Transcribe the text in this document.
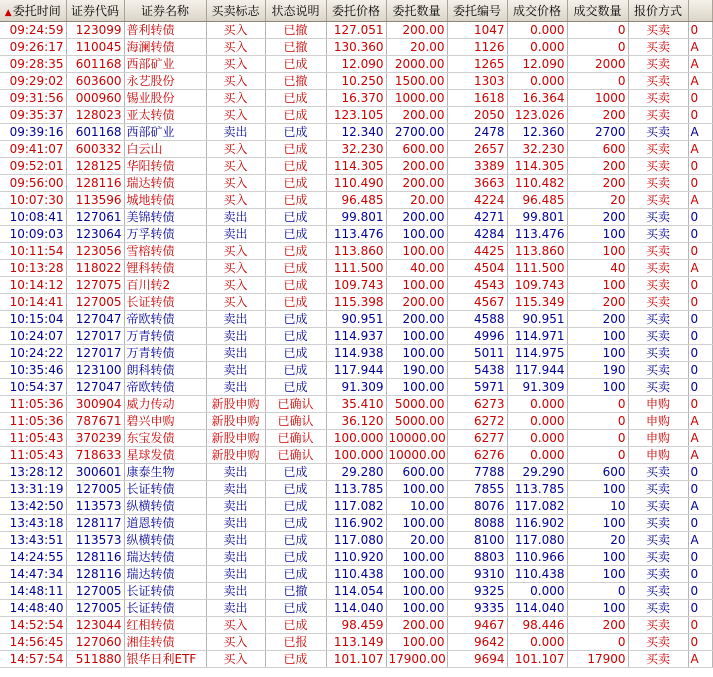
▲委托时间	证券代码	证券名称	买卖标志	状态说明	委托价格	委托数量	委托编号	成交价格	成交数量	报价方式	
09:24:59	123099	普利转债	买入	已撤	127.051	200.00	1047	0.000	0	买卖	0
09:26:17	110045	海澜转债	买入	已撤	130.360	20.00	1126	0.000	0	买卖	A
09:28:35	601168	西部矿业	买入	已成	12.090	2000.00	1265	12.090	2000	买卖	A
09:29:02	603600	永艺股份	买入	已撤	10.250	1500.00	1303	0.000	0	买卖	A
09:31:56	000960	锡业股份	买入	已成	16.370	1000.00	1618	16.364	1000	买卖	0
09:35:37	128023	亚太转债	买入	已成	123.105	200.00	2050	123.026	200	买卖	0
09:39:16	601168	西部矿业	卖出	已成	12.340	2700.00	2478	12.360	2700	买卖	A
09:41:07	600332	白云山	买入	已成	32.230	600.00	2657	32.230	600	买卖	A
09:52:01	128125	华阳转债	买入	已成	114.305	200.00	3389	114.305	200	买卖	0
09:56:00	128116	瑞达转债	买入	已成	110.490	200.00	3663	110.482	200	买卖	0
10:07:30	113596	城地转债	买入	已成	96.485	20.00	4224	96.485	20	买卖	A
10:08:41	127061	美锦转债	卖出	已成	99.801	200.00	4271	99.801	200	买卖	0
10:09:03	123064	万孚转债	卖出	已成	113.476	100.00	4284	113.476	100	买卖	0
10:11:54	123056	雪榕转债	买入	已成	113.860	100.00	4425	113.860	100	买卖	0
10:13:28	118022	锂科转债	买入	已成	111.500	40.00	4504	111.500	40	买卖	A
10:14:12	127075	百川转2	买入	已成	109.743	100.00	4543	109.743	100	买卖	0
10:14:41	127005	长证转债	买入	已成	115.398	200.00	4567	115.349	200	买卖	0
10:15:04	127047	帝欧转债	卖出	已成	90.951	200.00	4588	90.951	200	买卖	0
10:24:07	127017	万青转债	卖出	已成	114.937	100.00	4996	114.971	100	买卖	0
10:24:22	127017	万青转债	卖出	已成	114.938	100.00	5011	114.975	100	买卖	0
10:35:46	123100	朗科转债	卖出	已成	117.944	190.00	5438	117.944	190	买卖	0
10:54:37	127047	帝欧转债	卖出	已成	91.309	100.00	5971	91.309	100	买卖	0
11:05:36	300904	威力传动	新股申购	已确认	35.410	5000.00	6273	0.000	0	申购	0
11:05:36	787671	碧兴申购	新股申购	已确认	36.120	5000.00	6272	0.000	0	申购	A
11:05:43	370239	东宝发债	新股申购	已确认	100.000	10000.00	6277	0.000	0	申购	A
11:05:43	718633	星球发债	新股申购	已确认	100.000	10000.00	6276	0.000	0	申购	A
13:28:12	300601	康泰生物	卖出	已成	29.280	600.00	7788	29.290	600	买卖	0
13:31:19	127005	长证转债	卖出	已成	113.785	100.00	7855	113.785	100	买卖	0
13:42:50	113573	纵横转债	卖出	已成	117.082	10.00	8076	117.082	10	买卖	A
13:43:18	128117	道恩转债	卖出	已成	116.902	100.00	8088	116.902	100	买卖	0
13:43:51	113573	纵横转债	卖出	已成	117.080	20.00	8100	117.080	20	买卖	A
14:24:55	128116	瑞达转债	卖出	已成	110.920	100.00	8803	110.966	100	买卖	0
14:47:34	128116	瑞达转债	卖出	已成	110.438	100.00	9310	110.438	100	买卖	0
14:48:11	127005	长证转债	卖出	已撤	114.054	100.00	9325	0.000	0	买卖	0
14:48:40	127005	长证转债	卖出	已成	114.040	100.00	9335	114.040	100	买卖	0
14:52:54	123044	红相转债	买入	已成	98.459	200.00	9467	98.446	200	买卖	0
14:56:45	127060	湘佳转债	买入	已报	113.149	100.00	9642	0.000	0	买卖	0
14:57:54	511880	银华日利ETF	买入	已成	101.107	17900.00	9694	101.107	17900	买卖	A
